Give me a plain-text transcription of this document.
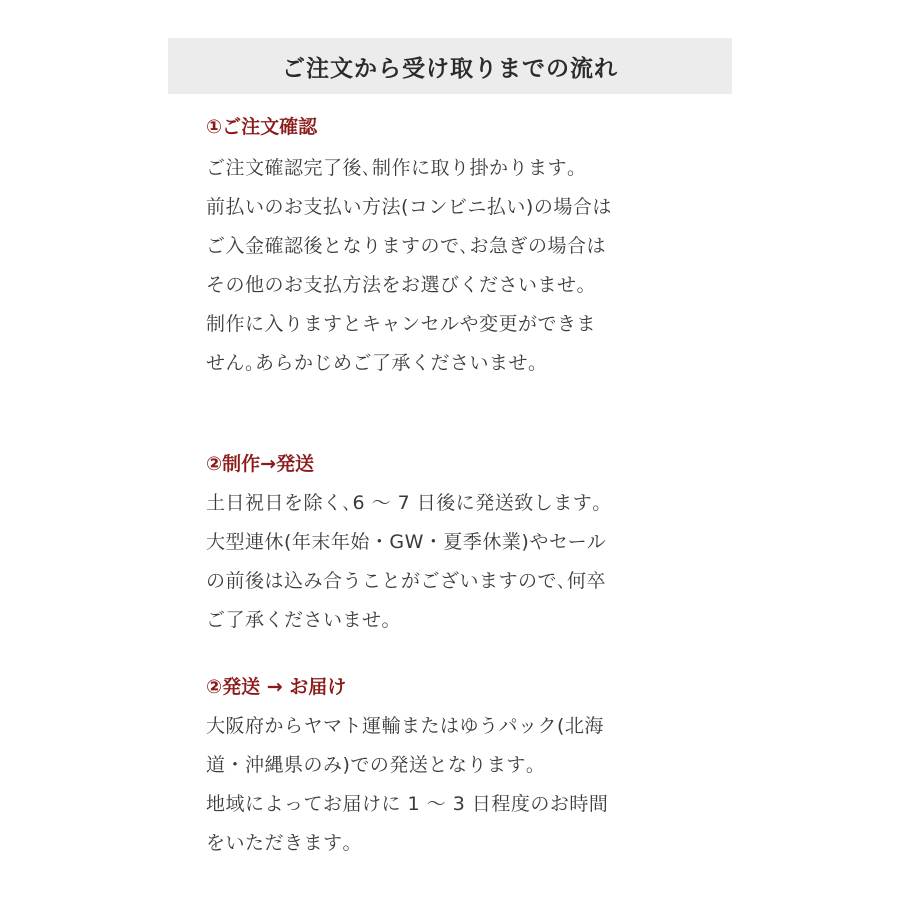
ご注文から受け取りまでの流れ
①ご注文確認
ご注文確認完了後､制作に取り掛かります｡
前払いのお支払い方法(コンビニ払い)の場合は
ご入金確認後となりますので､お急ぎの場合は
その他のお支払方法をお選びくださいませ｡
制作に入りますとキャンセルや変更ができま
せん｡あらかじめご了承くださいませ｡
②制作→発送
土日祝日を除く､6 ～ 7 日後に発送致します｡
大型連休(年末年始・GW・夏季休業)やセール
の前後は込み合うことがございますので､何卒
ご了承くださいませ｡
②発送 → お届け
大阪府からヤマト運輸またはゆうパック(北海
道・沖縄県のみ)での発送となります｡
地域によってお届けに 1 ～ 3 日程度のお時間
をいただきます｡
